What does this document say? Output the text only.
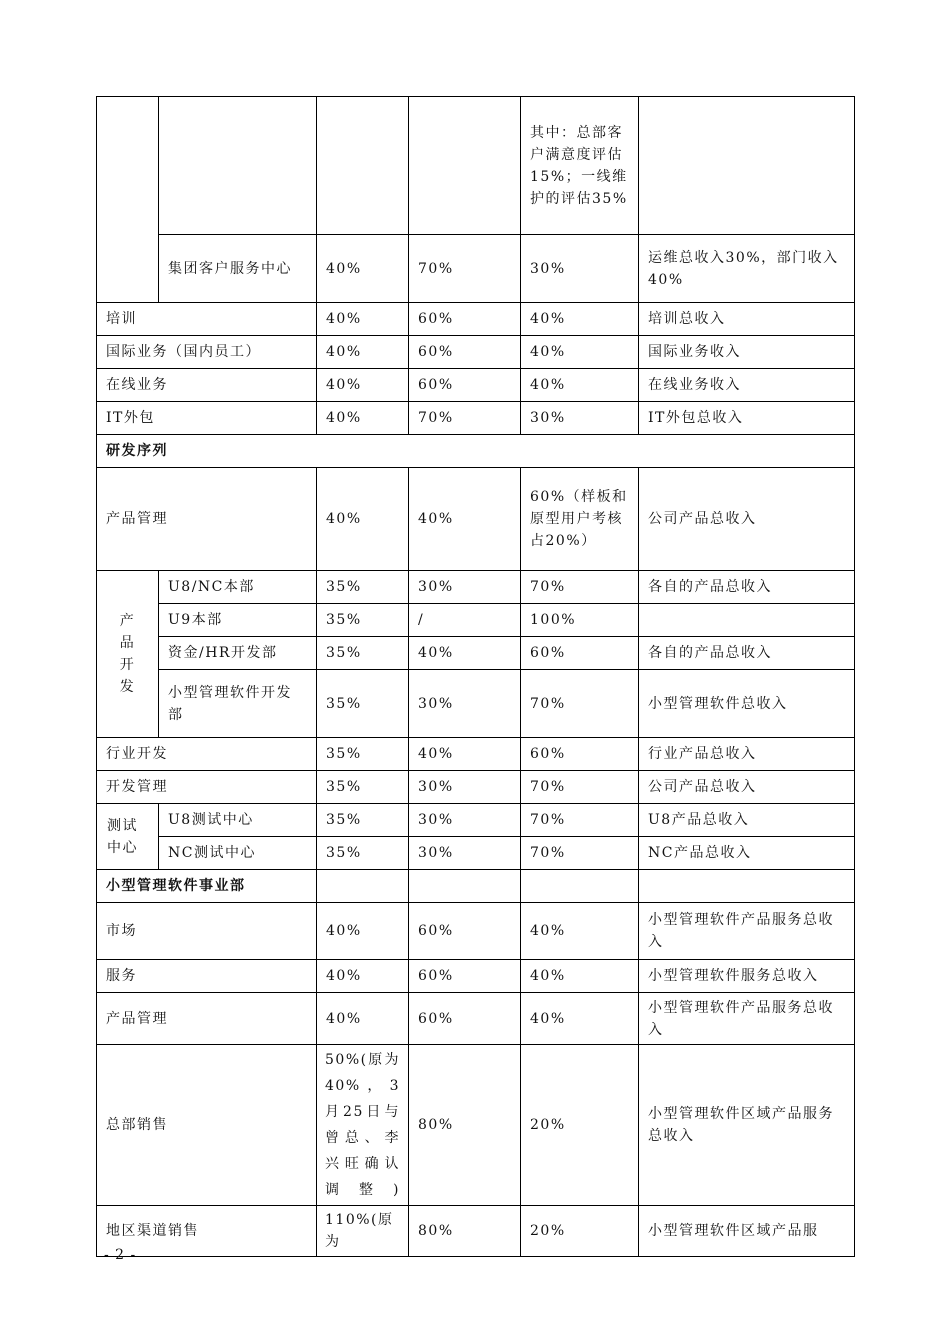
				其中：总部客户满意度评估15%；一线维护的评估35%	
	集团客户服务中心	40%	70%	30%	运维总收入30%，部门收入40%
培训		40%	60%	40%	培训总收入
国际业务（国内员工）		40%	60%	40%	国际业务收入
在线业务		40%	60%	40%	在线业务收入
IT外包		40%	70%	30%	IT外包总收入
研发序列					
产品管理		40%	40%	60%（样板和原型用户考核占20%）	公司产品总收入
产品开发	U8/NC本部	35%	30%	70%	各自的产品总收入
	U9本部	35%	/	100%	
	资金/HR开发部	35%	40%	60%	各自的产品总收入
	小型管理软件开发部	35%	30%	70%	小型管理软件总收入
行业开发		35%	40%	60%	行业产品总收入
开发管理		35%	30%	70%	公司产品总收入
测试中心	U8测试中心	35%	30%	70%	U8产品总收入
	NC测试中心	35%	30%	70%	NC产品总收入
小型管理软件事业部					
市场		40%	60%	40%	小型管理软件产品服务总收入
服务		40%	60%	40%	小型管理软件服务总收入
产品管理		40%	60%	40%	小型管理软件产品服务总收入
总部销售		50%(原为40%，3月25日与曾总、李兴旺确认调整)	80%	20%	小型管理软件区域产品服务总收入
地区渠道销售		110%(原为	80%	20%	小型管理软件区域产品服
- 2 -
